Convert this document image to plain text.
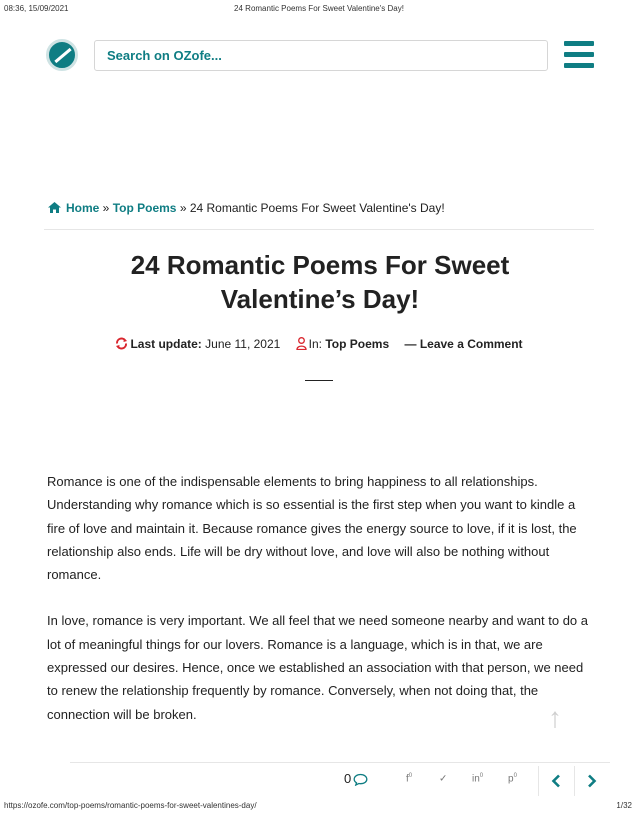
08:36, 15/09/2021	24 Romantic Poems For Sweet Valentine's Day!
Search on OZofe...
Home » Top Poems » 24 Romantic Poems For Sweet Valentine's Day!
24 Romantic Poems For Sweet Valentine’s Day!
Last update: June 11, 2021 In: Top Poems — Leave a Comment

Romance is one of the indispensable elements to bring happiness to all relationships. Understanding why romance which is so essential is the first step when you want to kindle a fire of love and maintain it. Because romance gives the energy source to love, if it is lost, the relationship also ends. Life will be dry without love, and love will also be nothing without romance.

In love, romance is very important. We all feel that we need someone nearby and want to do a lot of meaningful things for our lovers. Romance is a language, which is in that, we are expressed our desires. Hence, once we established an association with that person, we need to renew the relationship frequently by romance. Conversely, when not doing that, the connection will be broken.	↑
0	$f^0$	✓ $in^0$ $p^0$
https://ozofe.com/top-poems/romantic-poems-for-sweet-valentines-day/	1/32
